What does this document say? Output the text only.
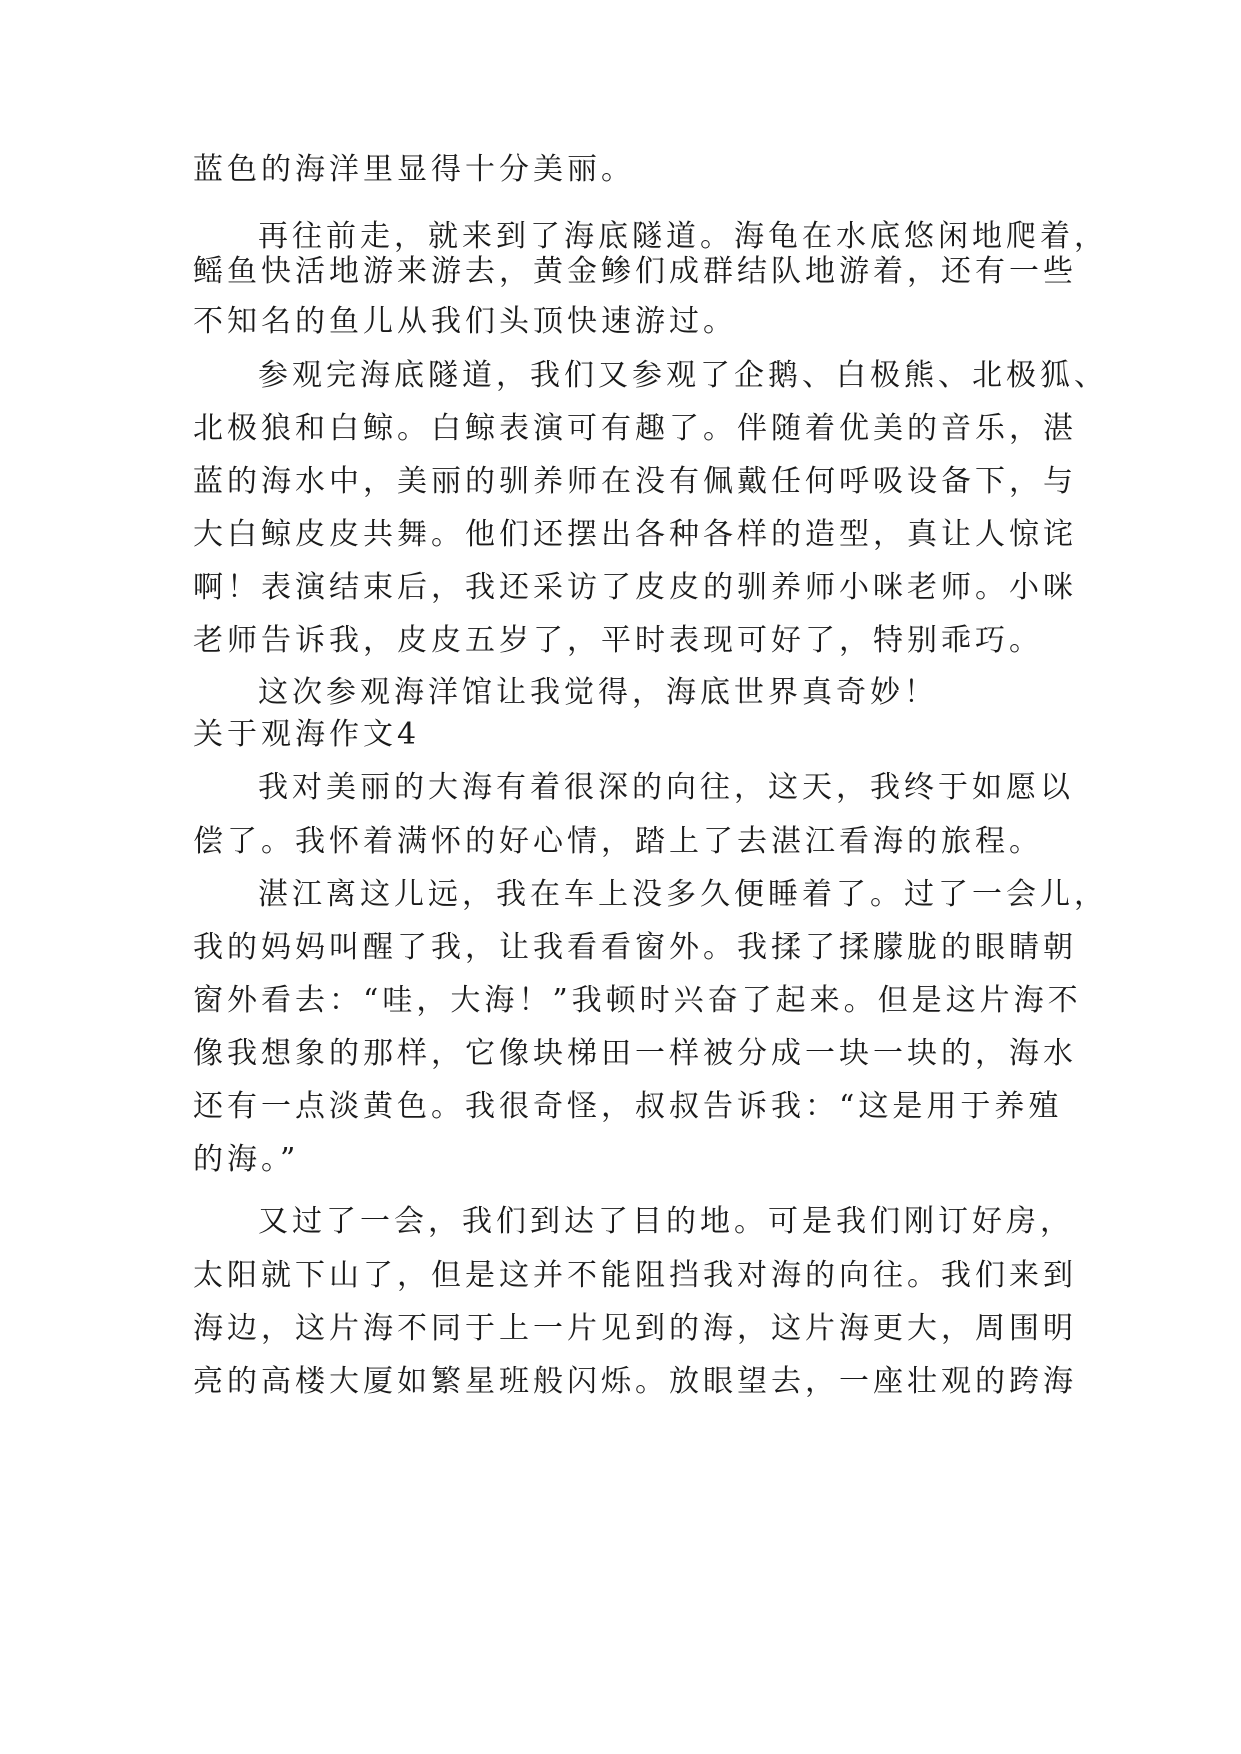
蓝色的海洋里显得十分美丽。
再往前走，就来到了海底隧道。海龟在水底悠闲地爬着，
鳐鱼快活地游来游去，黄金鲹们成群结队地游着，还有一些
不知名的鱼儿从我们头顶快速游过。
参观完海底隧道，我们又参观了企鹅、白极熊、北极狐、
北极狼和白鲸。白鲸表演可有趣了。伴随着优美的音乐，湛
蓝的海水中，美丽的驯养师在没有佩戴任何呼吸设备下，与
大白鲸皮皮共舞。他们还摆出各种各样的造型，真让人惊诧
啊！表演结束后，我还采访了皮皮的驯养师小咪老师。小咪
老师告诉我，皮皮五岁了，平时表现可好了，特别乖巧。
这次参观海洋馆让我觉得，海底世界真奇妙！
关于观海作文4
我对美丽的大海有着很深的向往，这天，我终于如愿以
偿了。我怀着满怀的好心情，踏上了去湛江看海的旅程。
湛江离这儿远，我在车上没多久便睡着了。过了一会儿，
我的妈妈叫醒了我，让我看看窗外。我揉了揉朦胧的眼睛朝
窗外看去：“哇，大海！”我顿时兴奋了起来。但是这片海不
像我想象的那样，它像块梯田一样被分成一块一块的，海水
还有一点淡黄色。我很奇怪，叔叔告诉我：“这是用于养殖
的海。”
又过了一会，我们到达了目的地。可是我们刚订好房，
太阳就下山了，但是这并不能阻挡我对海的向往。我们来到
海边，这片海不同于上一片见到的海，这片海更大，周围明
亮的高楼大厦如繁星班般闪烁。放眼望去，一座壮观的跨海
